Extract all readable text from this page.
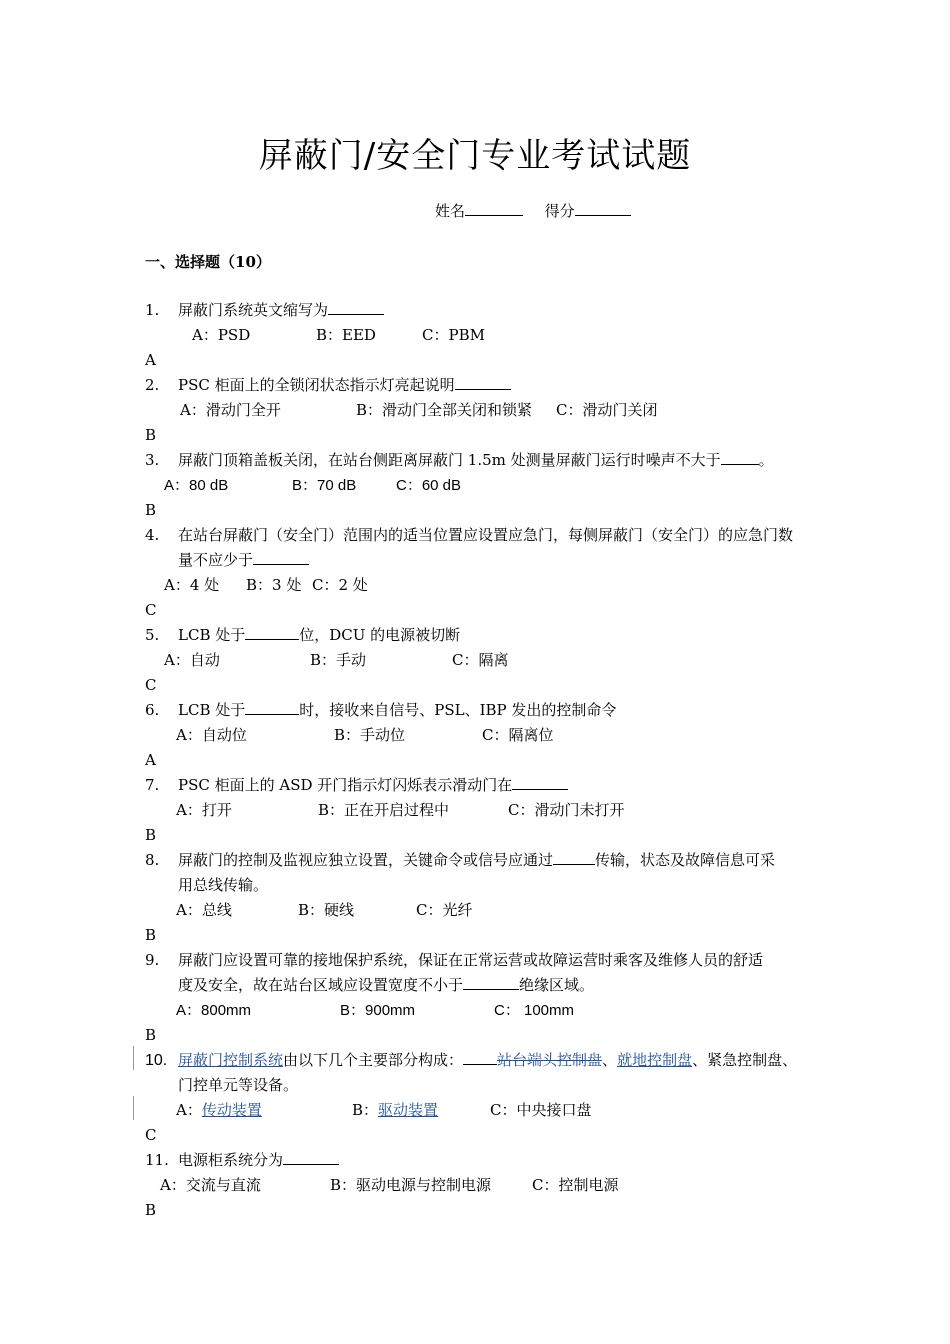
屏蔽门/安全门专业考试试题
姓名	得分
一、选择题（10）
1. 屏蔽门系统英文缩写为
A：PSD	B：EED	C：PBM
A
2. PSC 柜面上的全锁闭状态指示灯亮起说明
A：滑动门全开	B：滑动门全部关闭和锁紧 C：滑动门关闭
B
3. 屏蔽门顶箱盖板关闭，在站台侧距离屏蔽门 1.5m 处测量屏蔽门运行时噪声不大于	。
A：80 dB	B：70 dB	C：60 dB
B
4. 在站台屏蔽门（安全门）范围内的适当位置应设置应急门，每侧屏蔽门（安全门）的应急门数
量不应少于
A：4 处 B：3 处 C：2 处
C
5. LCB 处于	位，DCU 的电源被切断
A：自动	B：手动	C：隔离
C
6. LCB 处于	时，接收来自信号、PSL、IBP 发出的控制命令
A：自动位	B：手动位	C：隔离位
A
7. PSC 柜面上的 ASD 开门指示灯闪烁表示滑动门在
A：打开	B：正在开启过程中	C：滑动门未打开
B
8. 屏蔽门的控制及监视应独立设置，关键命令或信号应通过	传输，状态及故障信息可采
用总线传输。
A：总线	B：硬线	C：光纤
B
9. 屏蔽门应设置可靠的接地保护系统，保证在正常运营或故障运营时乘客及维修人员的舒适
度及安全，故在站台区域应设置宽度不小于	绝缘区域。
A：800mm	B：900mm	C： 100mm
B
10. 屏蔽门控制系统由以下几个主要部分构成： 站台端头控制盘、就地控制盘、紧急控制盘、
门控单元等设备。
A：传动装置	B：驱动装置	C：中央接口盘
C
11. 电源柜系统分为
A：交流与直流	B：驱动电源与控制电源	C：控制电源
B
